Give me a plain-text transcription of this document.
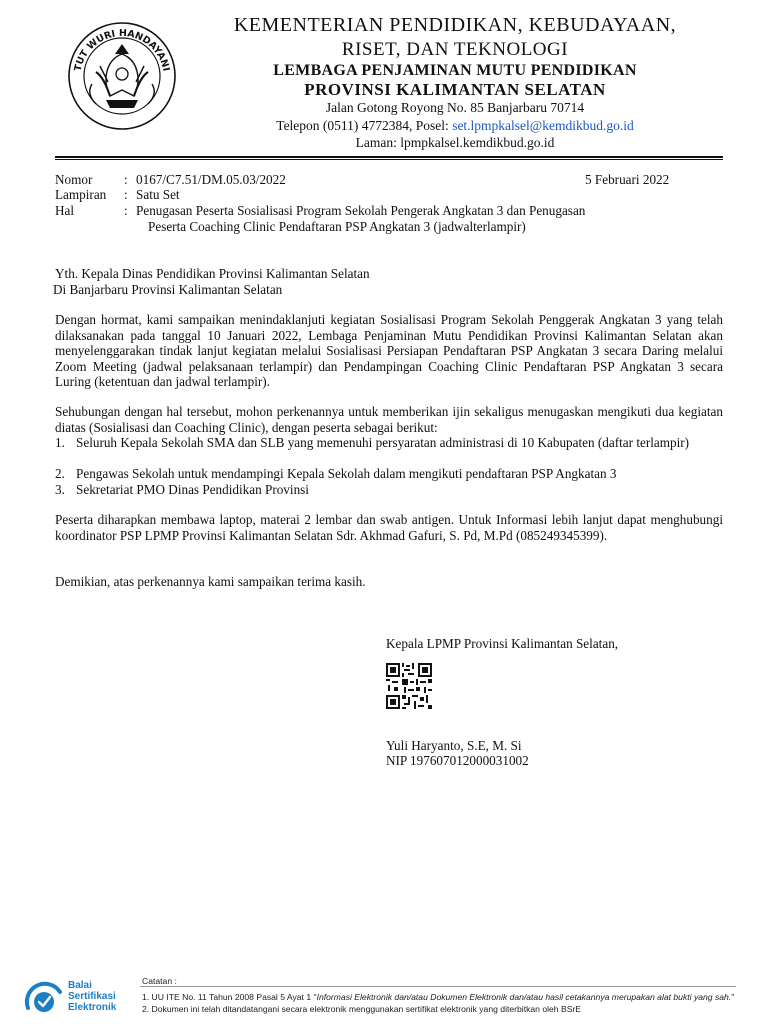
TUT WURI HANDAYANI
KEMENTERIAN PENDIDIKAN, KEBUDAYAAN,
RISET, DAN TEKNOLOGI
LEMBAGA PENJAMINAN MUTU PENDIDIKAN
PROVINSI KALIMANTAN SELATAN
Jalan Gotong Royong No. 85 Banjarbaru 70714
Telepon (0511) 4772384, Posel: set.lpmpkalsel@kemdikbud.go.id
Laman: lpmpkalsel.kemdikbud.go.id
Nomor : 0167/C7.51/DM.05.03/2022	5 Februari 2022
Lampiran : Satu Set
Hal	: Penugasan Peserta Sosialisasi Program Sekolah Pengerak Angkatan 3 dan Penugasan
Peserta Coaching Clinic Pendaftaran PSP Angkatan 3 (jadwalterlampir)
Yth. Kepala Dinas Pendidikan Provinsi Kalimantan Selatan
Di Banjarbaru Provinsi Kalimantan Selatan
Dengan hormat, kami sampaikan menindaklanjuti kegiatan Sosialisasi Program Sekolah Penggerak Angkatan 3 yang telah dilaksanakan pada tanggal 10 Januari 2022, Lembaga Penjaminan Mutu Pendidikan Provinsi Kalimantan Selatan akan menyelenggarakan tindak lanjut kegiatan melalui Sosialisasi Persiapan Pendaftaran PSP Angkatan 3 secara Daring melalui Zoom Meeting (jadwal pelaksanaan terlampir) dan Pendampingan Coaching Clinic Pendaftaran PSP Angkatan 3 secara Luring (ketentuan dan jadwal terlampir).
Sehubungan dengan hal tersebut, mohon perkenannya untuk memberikan ijin sekaligus menugaskan mengikuti dua kegiatan diatas (Sosialisasi dan Coaching Clinic), dengan peserta sebagai berikut:
1. Seluruh Kepala Sekolah SMA dan SLB yang memenuhi persyaratan administrasi di 10 Kabupaten (daftar terlampir)
2. Pengawas Sekolah untuk mendampingi Kepala Sekolah dalam mengikuti pendaftaran PSP Angkatan 3
3. Sekretariat PMO Dinas Pendidikan Provinsi
Peserta diharapkan membawa laptop, materai 2 lembar dan swab antigen. Untuk Informasi lebih lanjut dapat menghubungi koordinator PSP LPMP Provinsi Kalimantan Selatan Sdr. Akhmad Gafuri, S. Pd, M.Pd (085249345399).
Demikian, atas perkenannya kami sampaikan terima kasih.
Kepala LPMP Provinsi Kalimantan Selatan,
Yuli Haryanto, S.E, M. Si
NIP 197607012000031002
Balai
Sertifikasi
Elektronik
Catatan :
1. UU ITE No. 11 Tahun 2008 Pasal 5 Ayat 1 "Informasi Elektronik dan/atau Dokumen Elektronik dan/atau hasil cetakannya merupakan alat bukti yang sah."
2. Dokumen ini telah ditandatangani secara elektronik menggunakan sertifikat elektronik yang diterbitkan oleh BSrE
